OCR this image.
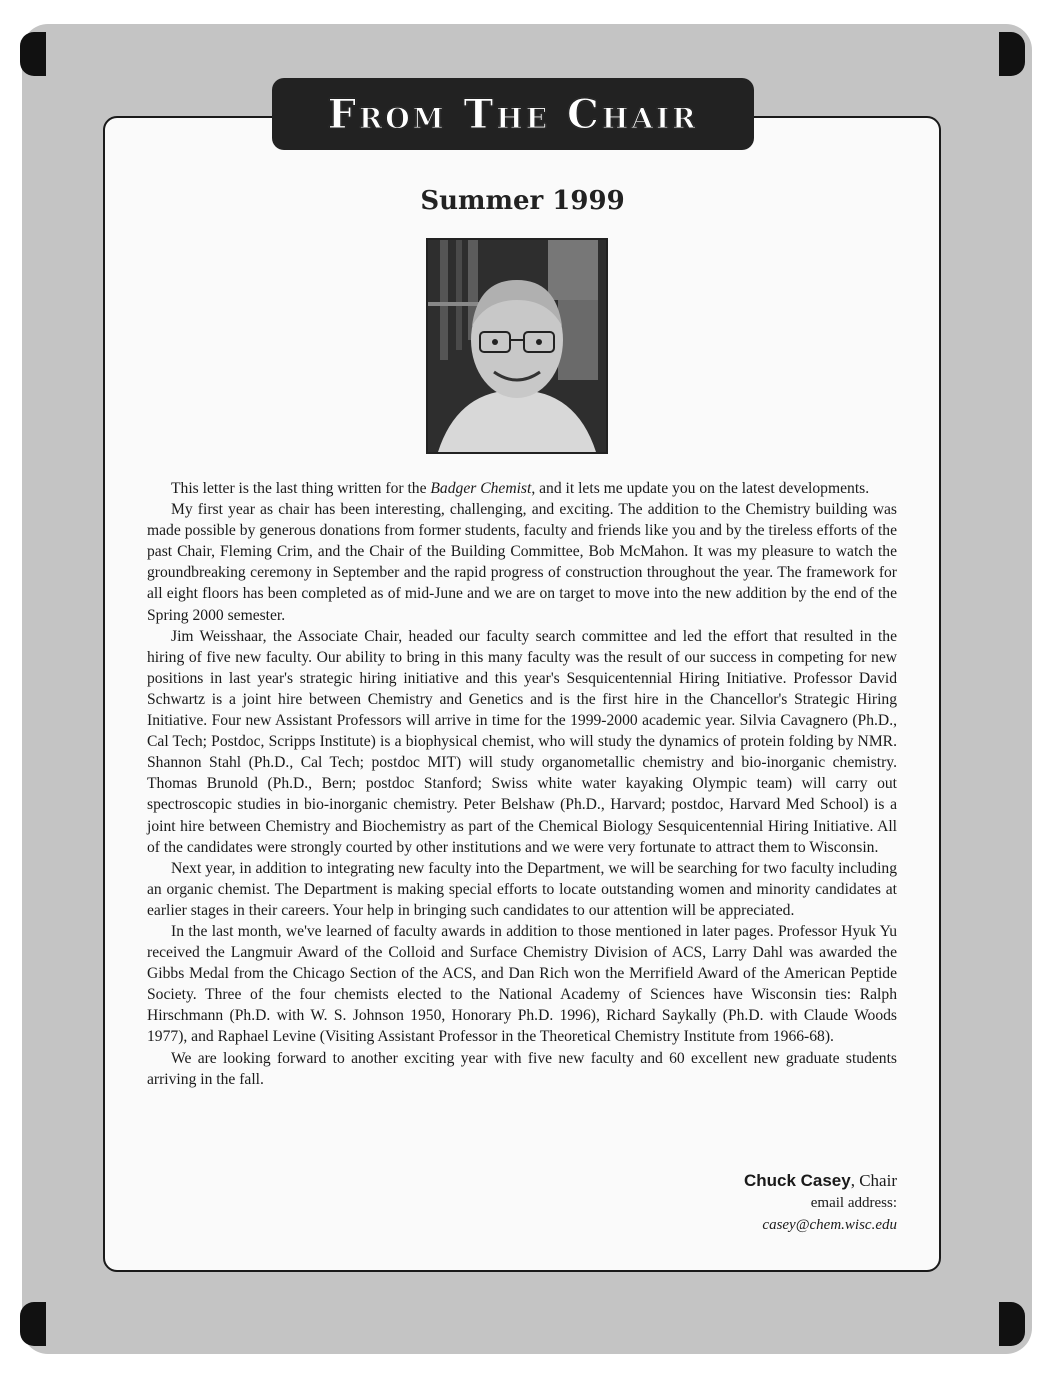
From The Chair
Summer 1999

This letter is the last thing written for the Badger Chemist, and it lets me update you on the latest developments.

My first year as chair has been interesting, challenging, and exciting. The addition to the Chemistry building was made possible by generous donations from former students, faculty and friends like you and by the tireless efforts of the past Chair, Fleming Crim, and the Chair of the Building Committee, Bob McMahon. It was my pleasure to watch the groundbreaking ceremony in September and the rapid progress of construction throughout the year. The framework for all eight floors has been completed as of mid-June and we are on target to move into the new addition by the end of the Spring 2000 semester.

Jim Weisshaar, the Associate Chair, headed our faculty search committee and led the effort that resulted in the hiring of five new faculty. Our ability to bring in this many faculty was the result of our success in competing for new positions in last year's strategic hiring initiative and this year's Sesquicentennial Hiring Initiative. Professor David Schwartz is a joint hire between Chemistry and Genetics and is the first hire in the Chancellor's Strategic Hiring Initiative. Four new Assistant Professors will arrive in time for the 1999-2000 academic year. Silvia Cavagnero (Ph.D., Cal Tech; Postdoc, Scripps Institute) is a biophysical chemist, who will study the dynamics of protein folding by NMR. Shannon Stahl (Ph.D., Cal Tech; postdoc MIT) will study organometallic chemistry and bio-inorganic chemistry. Thomas Brunold (Ph.D., Bern; postdoc Stanford; Swiss white water kayaking Olympic team) will carry out spectroscopic studies in bio-inorganic chemistry. Peter Belshaw (Ph.D., Harvard; postdoc, Harvard Med School) is a joint hire between Chemistry and Biochemistry as part of the Chemical Biology Sesquicentennial Hiring Initiative. All of the candidates were strongly courted by other institutions and we were very fortunate to attract them to Wisconsin.

Next year, in addition to integrating new faculty into the Department, we will be searching for two faculty including an organic chemist. The Department is making special efforts to locate outstanding women and minority candidates at earlier stages in their careers. Your help in bringing such candidates to our attention will be appreciated.

In the last month, we've learned of faculty awards in addition to those mentioned in later pages. Professor Hyuk Yu received the Langmuir Award of the Colloid and Surface Chemistry Division of ACS, Larry Dahl was awarded the Gibbs Medal from the Chicago Section of the ACS, and Dan Rich won the Merrifield Award of the American Peptide Society. Three of the four chemists elected to the National Academy of Sciences have Wisconsin ties: Ralph Hirschmann (Ph.D. with W. S. Johnson 1950, Honorary Ph.D. 1996), Richard Saykally (Ph.D. with Claude Woods 1977), and Raphael Levine (Visiting Assistant Professor in the Theoretical Chemistry Institute from 1966-68).

We are looking forward to another exciting year with five new faculty and 60 excellent new graduate students arriving in the fall.

Chuck Casey, Chair
email address:
casey@chem.wisc.edu
